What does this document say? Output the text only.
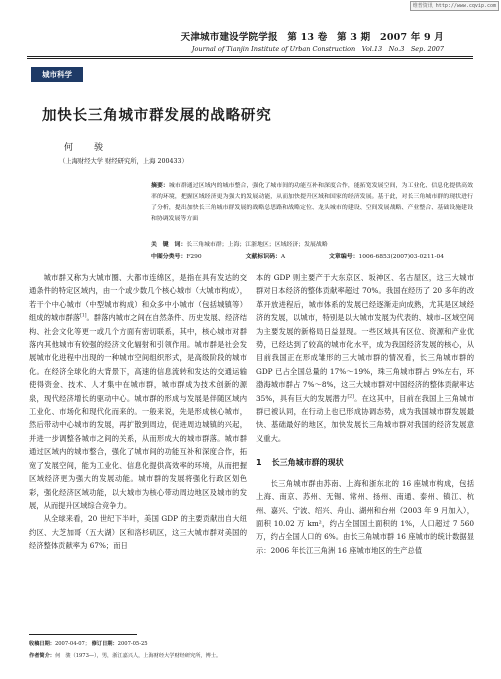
维普资讯 http://www.cqvip.com
天津城市建设学院学报　第 13 卷　第 3 期　2007 年 9 月
Journal of Tianjin Institute of Urban Construction　Vol.13　No.3　Sep. 2007
城市科学
加快长三角城市群发展的战略研究
何　骏
（上海财经大学 财经研究所，上海 200433）
摘要：城市群通过区域内的城市整合，强化了城市间的功能互补和深度合作，能拓宽发展空间，为工业化、信息化提供高效率的环境，把握区域经济更为强大的发展动能，从而加快提升区域和国家的经济发展。基于此，对长三角城市群的现状进行了分析，提出加快长三角城市群发展的战略总思路和战略定位、龙头城市的建设、空间发展战略、产业整合、基础设施建设和协调发展等方面
关　键　词：长三角城市群；上海；江浙地区；区域经济；发展战略
中图分类号：F290	文献标识码：A	文章编号：1006-6853(2007)03-0211-04

城市群又称为大城市圈、大都市连绵区，是指在具有发达的交通条件的特定区域内，由一个或少数几个核心城市（大城市构成），若干个中心城市（中型城市构成）和众多中小城市（包括城镇等）组成的城市群落[1]。群落内城市之间在自然条件、历史发展、经济结构、社会文化等更一或几个方面有密切联系，其中，核心城市对群落内其他城市有较强的经济文化辐射和引领作用。城市群是社会发展城市化进程中出现的一种城市空间组织形式，是高级阶段的城市化。在经济全球化的大背景下，高速的信息流转和发达的交通运输使得资金、技术、人才集中在城市群，城市群成为技术创新的源泉，现代经济增长的驱动中心。城市群的形成与发展是伴随区域内工业化、市场化和现代化而来的。一般来说，先是形成核心城市，然后带动中心城市的发展，再扩散到周边，促进周边城镇的兴起，并进一步调整各城市之间的关系，从而形成大的城市群落。城市群通过区域内的城市整合，强化了城市间的功能互补和深度合作，拓宽了发展空间，能为工业化、信息化提供高效率的环境，从而把握区域经济更为强大的发展动能。城市群的发展将强化行政区划色彩，强化经济区域功能，以大城市为核心带动周边地区及城市的发展，从而提升区域综合竞争力。

从全球来看，20 世纪下半叶，美国 GDP 的主要贡献出自大纽约区、大芝加哥（五大湖）区和洛杉矶区，这三大城市群对美国的经济整体贡献率为 67%；而日

本的 GDP 则主要产于大东京区、坂神区、名古屋区，这三大城市群对日本经济的整体贡献率超过 70%。我国在经历了 20 多年的改革开放进程后，城市体系的发展已经逐渐走向成熟，尤其是区域经济的发展，以城市，特别是以大城市发展为代表的、城市–区域空间为主要发展的新格局日益显现。一些区域具有区位、资源和产业优势，已经达到了较高的城市化水平，成为我国经济发展的核心，从目前我国正在形成雏形的三大城市群的情况看，长三角城市群的 GDP 已占全国总量的 17%～19%，珠三角城市群占 9%左右，环渤海城市群占 7%～8%，这三大城市群对中国经济的整体贡献率达 35%，具有巨大的发展潜力[2]。在这其中，目前在我国上三角城市群已被认同，在行动上也已形成协调态势，成为我国城市群发展最快、基础最好的地区，加快发展长三角城市群对我国的经济发展意义重大。

1 长三角城市群的现状

长三角城市群由苏南、上海和浙东北的 16 座城市构成，包括上海、南京、苏州、无锡、常州、扬州、南通、泰州、镇江、杭州、嘉兴、宁波、绍兴、舟山、湖州和台州（2003 年 9 月加入），面积 10.02 万 km²，约占全国国土面积的 1%，人口超过 7 560 万，约占全国人口的 6%。由长三角城市群 16 座城市的统计数据显示：2006 年长江三角洲 16 座城市地区的生产总值

收稿日期：2007-04-07； 修订日期：2007-05-25
作者简介：何　骏（1973—），男，浙江嘉兴人，上海财经大学财经研究所，博士。
